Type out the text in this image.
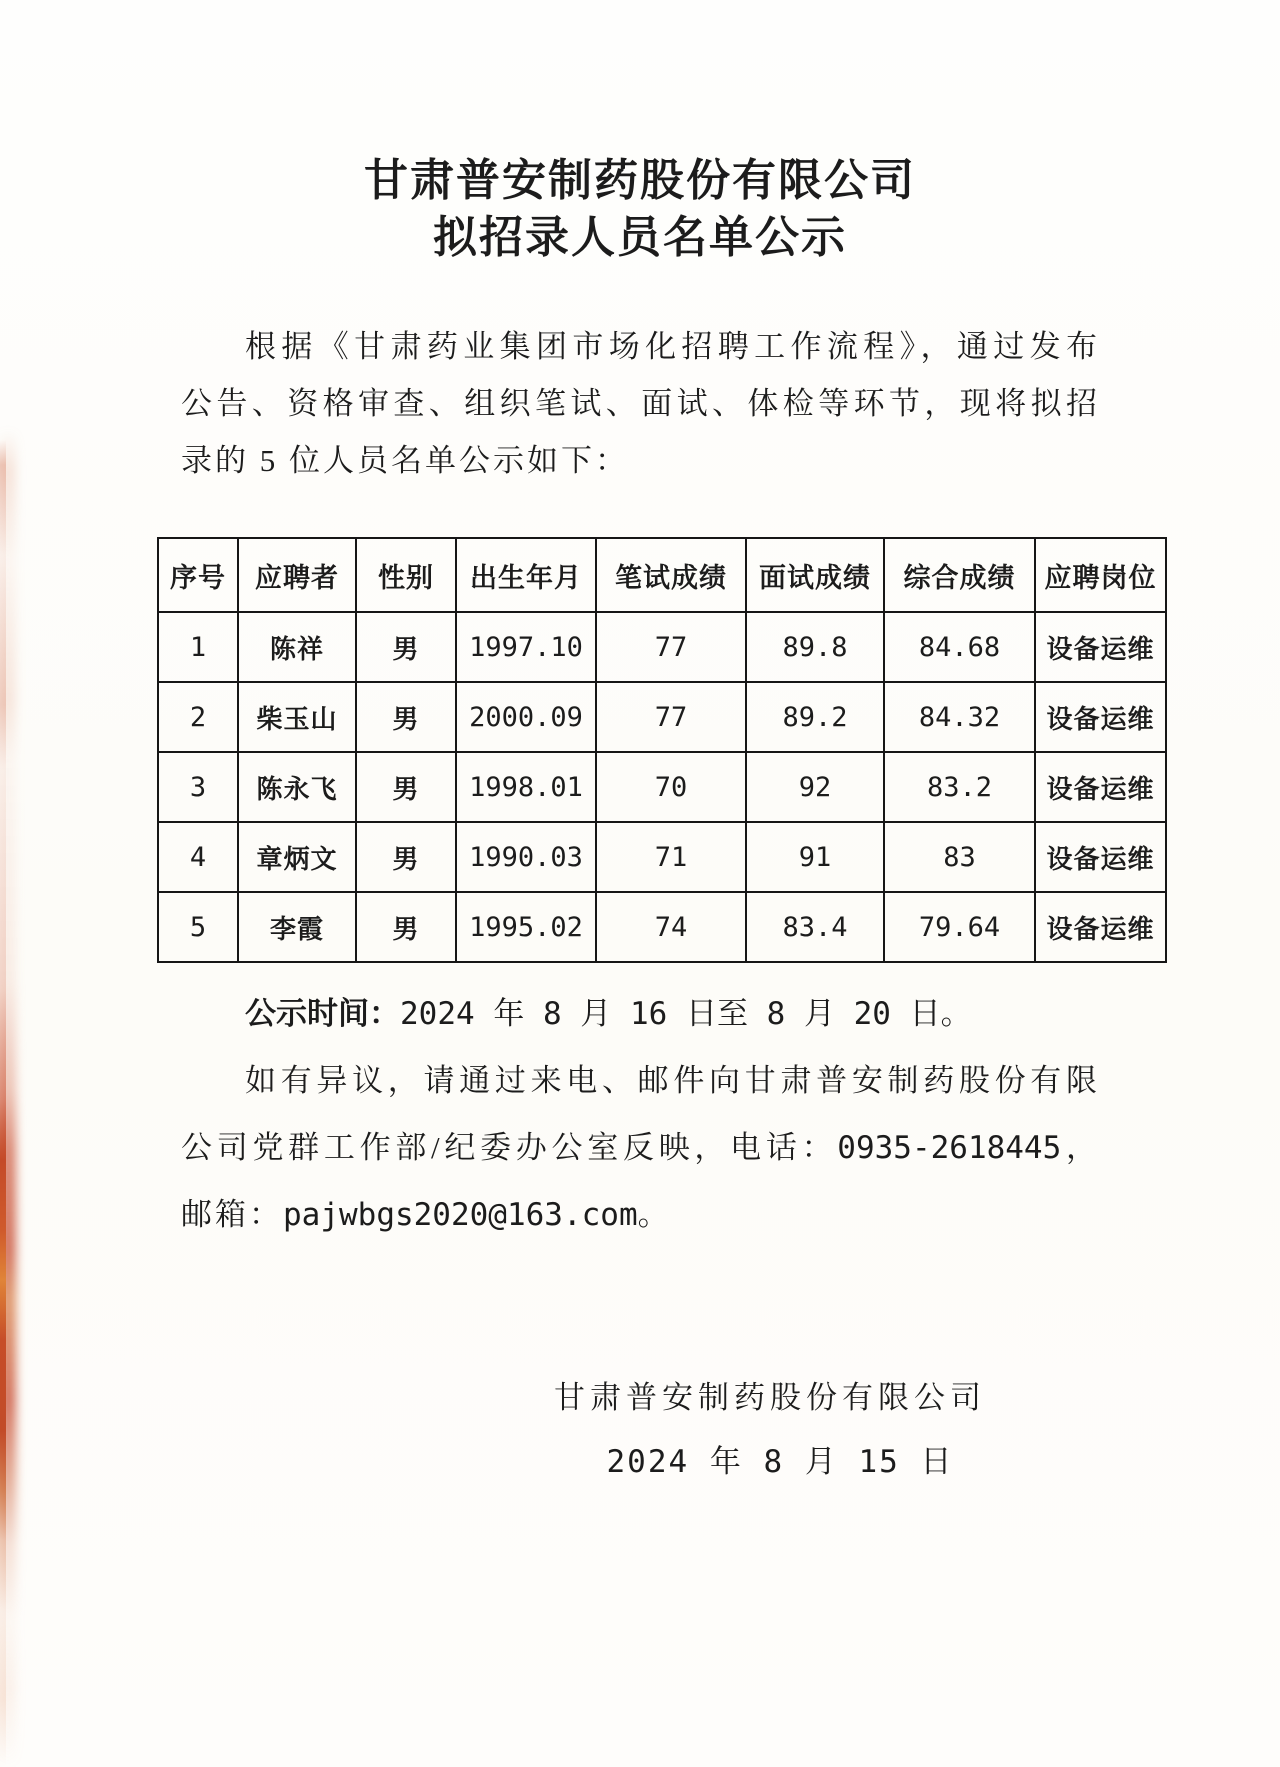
甘肃普安制药股份有限公司
拟招录人员名单公示

根据《甘肃药业集团市场化招聘工作流程》，通过发布

公告、资格审查、组织笔试、面试、体检等环节，现将拟招

录的 5 位人员名单公示如下：

序号	应聘者	性别	出生年月	笔试成绩	面试成绩	综合成绩	应聘岗位
1	陈祥	男	1997.10	77	89.8	84.68	设备运维
2	柴玉山	男	2000.09	77	89.2	84.32	设备运维
3	陈永飞	男	1998.01	70	92	83.2	设备运维
4	章炳文	男	1990.03	71	91	83	设备运维
5	李霞	男	1995.02	74	83.4	79.64	设备运维

公示时间：2024 年 8 月 16 日至 8 月 20 日。

如有异议，请通过来电、邮件向甘肃普安制药股份有限

公司党群工作部/纪委办公室反映，电话：0935-2618445，

邮箱：pajwbgs2020@163.com。

甘肃普安制药股份有限公司

2024 年 8 月 15 日
